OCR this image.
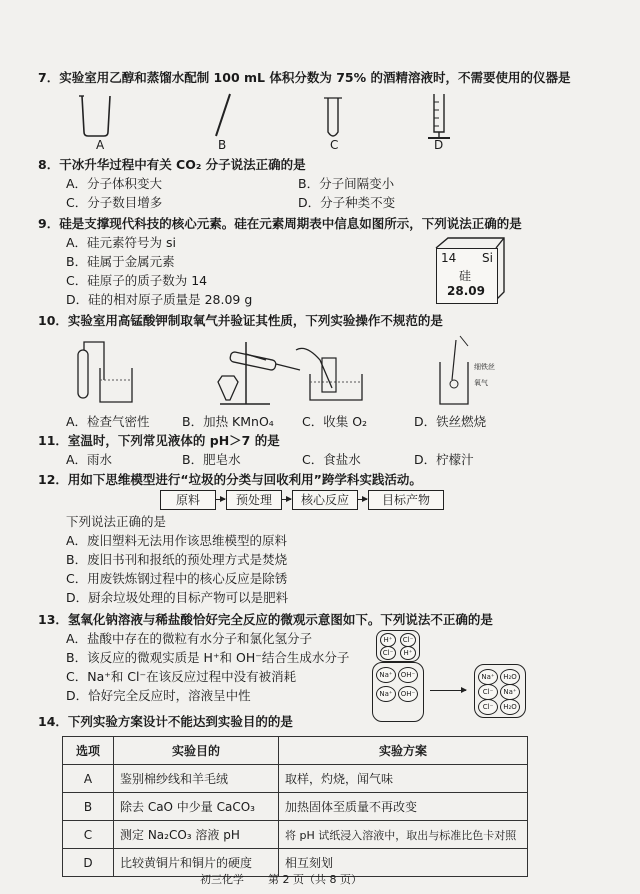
7．实验室用乙醇和蒸馏水配制 100 mL 体积分数为 75% 的酒精溶液时，不需要使用的仪器是
A	B	C	D
8．干冰升华过程中有关 CO₂ 分子说法正确的是
A．分子体积变大	B．分子间隔变小
C．分子数目增多	D．分子种类不变
9．硅是支撑现代科技的核心元素。硅在元素周期表中信息如图所示，下列说法正确的是
A．硅元素符号为 si
B．硅属于金属元素
C．硅原子的质子数为 14
D．硅的相对原子质量是 28.09 g
14 Si
硅
28.09
10．实验室用高锰酸钾制取氧气并验证其性质，下列实验操作不规范的是
细铁丝
氧气
A．检查气密性	B．加热 KMnO₄ C．收集 O₂	D．铁丝燃烧
11．室温时，下列常见液体的 pH＞7 的是
A．雨水	B．肥皂水	C．食盐水	D．柠檬汁
12．用如下思维模型进行“垃圾的分类与回收利用”跨学科实践活动。
原料	预处理	核心反应	目标产物
下列说法正确的是
A．废旧塑料无法用作该思维模型的原料
B．废旧书刊和报纸的预处理方式是焚烧
C．用废铁炼钢过程中的核心反应是除锈
D．厨余垃圾处理的目标产物可以是肥料
13．氢氧化钠溶液与稀盐酸恰好完全反应的微观示意图如下。下列说法不正确的是
A．盐酸中存在的微粒有水分子和氯化氢分子
B．该反应的微观实质是 H⁺和 OH⁻结合生成水分子
C．Na⁺和 Cl⁻在该反应过程中没有被消耗
D．恰好完全反应时，溶液呈中性
H⁺	Cl⁻
Cl⁻	H⁺
Na⁺	OH⁻
Na⁺	OH⁻
Na⁺	H₂O
Cl⁻	Na⁺
Cl⁻	H₂O
14．下列实验方案设计不能达到实验目的的是
选项	实验目的	实验方案
A	鉴别棉纱线和羊毛绒	取样，灼烧，闻气味
B	除去 CaO 中少量 CaCO₃	加热固体至质量不再改变
C	测定 Na₂CO₃ 溶液 pH	将 pH 试纸浸入溶液中，取出与标准比色卡对照
D	比较黄铜片和铜片的硬度	相互刻划
初三化学 第 2 页（共 8 页）
